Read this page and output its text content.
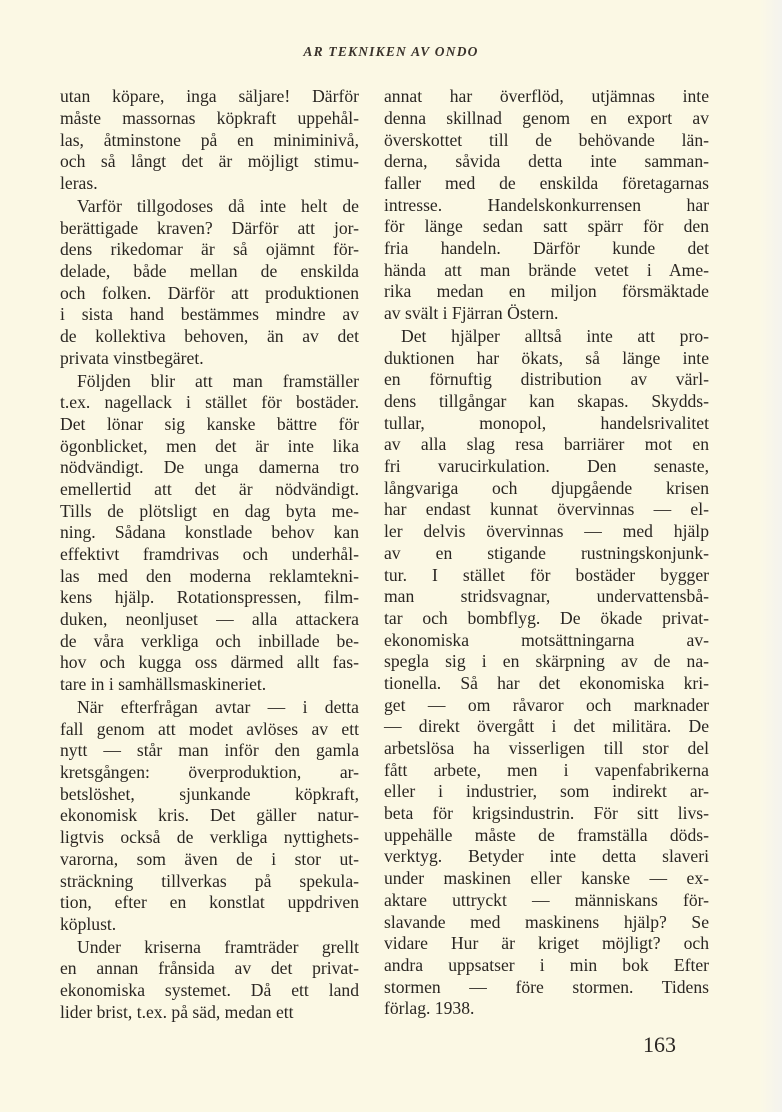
AR TEKNIKEN AV ONDO
utan köpare, inga säljare! Därför
måste massornas köpkraft uppehål-
las, åtminstone på en miniminivå,
och så långt det är möjligt stimu-
leras.
Varför tillgodoses då inte helt de
berättigade kraven? Därför att jor-
dens rikedomar är så ojämnt för-
delade, både mellan de enskilda
och folken. Därför att produktionen
i sista hand bestämmes mindre av
de kollektiva behoven, än av det
privata vinstbegäret.
Följden blir att man framställer
t.ex. nagellack i stället för bostäder.
Det lönar sig kanske bättre för
ögonblicket, men det är inte lika
nödvändigt. De unga damerna tro
emellertid att det är nödvändigt.
Tills de plötsligt en dag byta me-
ning. Sådana konstlade behov kan
effektivt framdrivas och underhål-
las med den moderna reklamtekni-
kens hjälp. Rotationspressen, film-
duken, neonljuset — alla attackera
de våra verkliga och inbillade be-
hov och kugga oss därmed allt fas-
tare in i samhällsmaskineriet.
När efterfrågan avtar — i detta
fall genom att modet avlöses av ett
nytt — står man inför den gamla
kretsgången: överproduktion, ar-
betslöshet, sjunkande köpkraft,
ekonomisk kris. Det gäller natur-
ligtvis också de verkliga nyttighets-
varorna, som även de i stor ut-
sträckning tillverkas på spekula-
tion, efter en konstlat uppdriven
köplust.
Under kriserna framträder grellt
en annan frånsida av det privat-
ekonomiska systemet. Då ett land
lider brist, t.ex. på säd, medan ett
annat har överflöd, utjämnas inte
denna skillnad genom en export av
överskottet till de behövande län-
derna, såvida detta inte samman-
faller med de enskilda företagarnas
intresse. Handelskonkurrensen har
för länge sedan satt spärr för den
fria handeln. Därför kunde det
hända att man brände vetet i Ame-
rika medan en miljon försmäktade
av svält i Fjärran Östern.
Det hjälper alltså inte att pro-
duktionen har ökats, så länge inte
en förnuftig distribution av värl-
dens tillgångar kan skapas. Skydds-
tullar, monopol, handelsrivalitet
av alla slag resa barriärer mot en
fri varucirkulation. Den senaste,
långvariga och djupgående krisen
har endast kunnat övervinnas — el-
ler delvis övervinnas — med hjälp
av en stigande rustningskonjunk-
tur. I stället för bostäder bygger
man stridsvagnar, undervattensbå-
tar och bombflyg. De ökade privat-
ekonomiska motsättningarna av-
spegla sig i en skärpning av de na-
tionella. Så har det ekonomiska kri-
get — om råvaror och marknader
— direkt övergått i det militära. De
arbetslösa ha visserligen till stor del
fått arbete, men i vapenfabrikerna
eller i industrier, som indirekt ar-
beta för krigsindustrin. För sitt livs-
uppehälle måste de framställa döds-
verktyg. Betyder inte detta slaveri
under maskinen eller kanske — ex-
aktare uttryckt — människans för-
slavande med maskinens hjälp? Se
vidare Hur är kriget möjligt? och
andra uppsatser i min bok Efter
stormen — före stormen. Tidens
förlag. 1938.
163
